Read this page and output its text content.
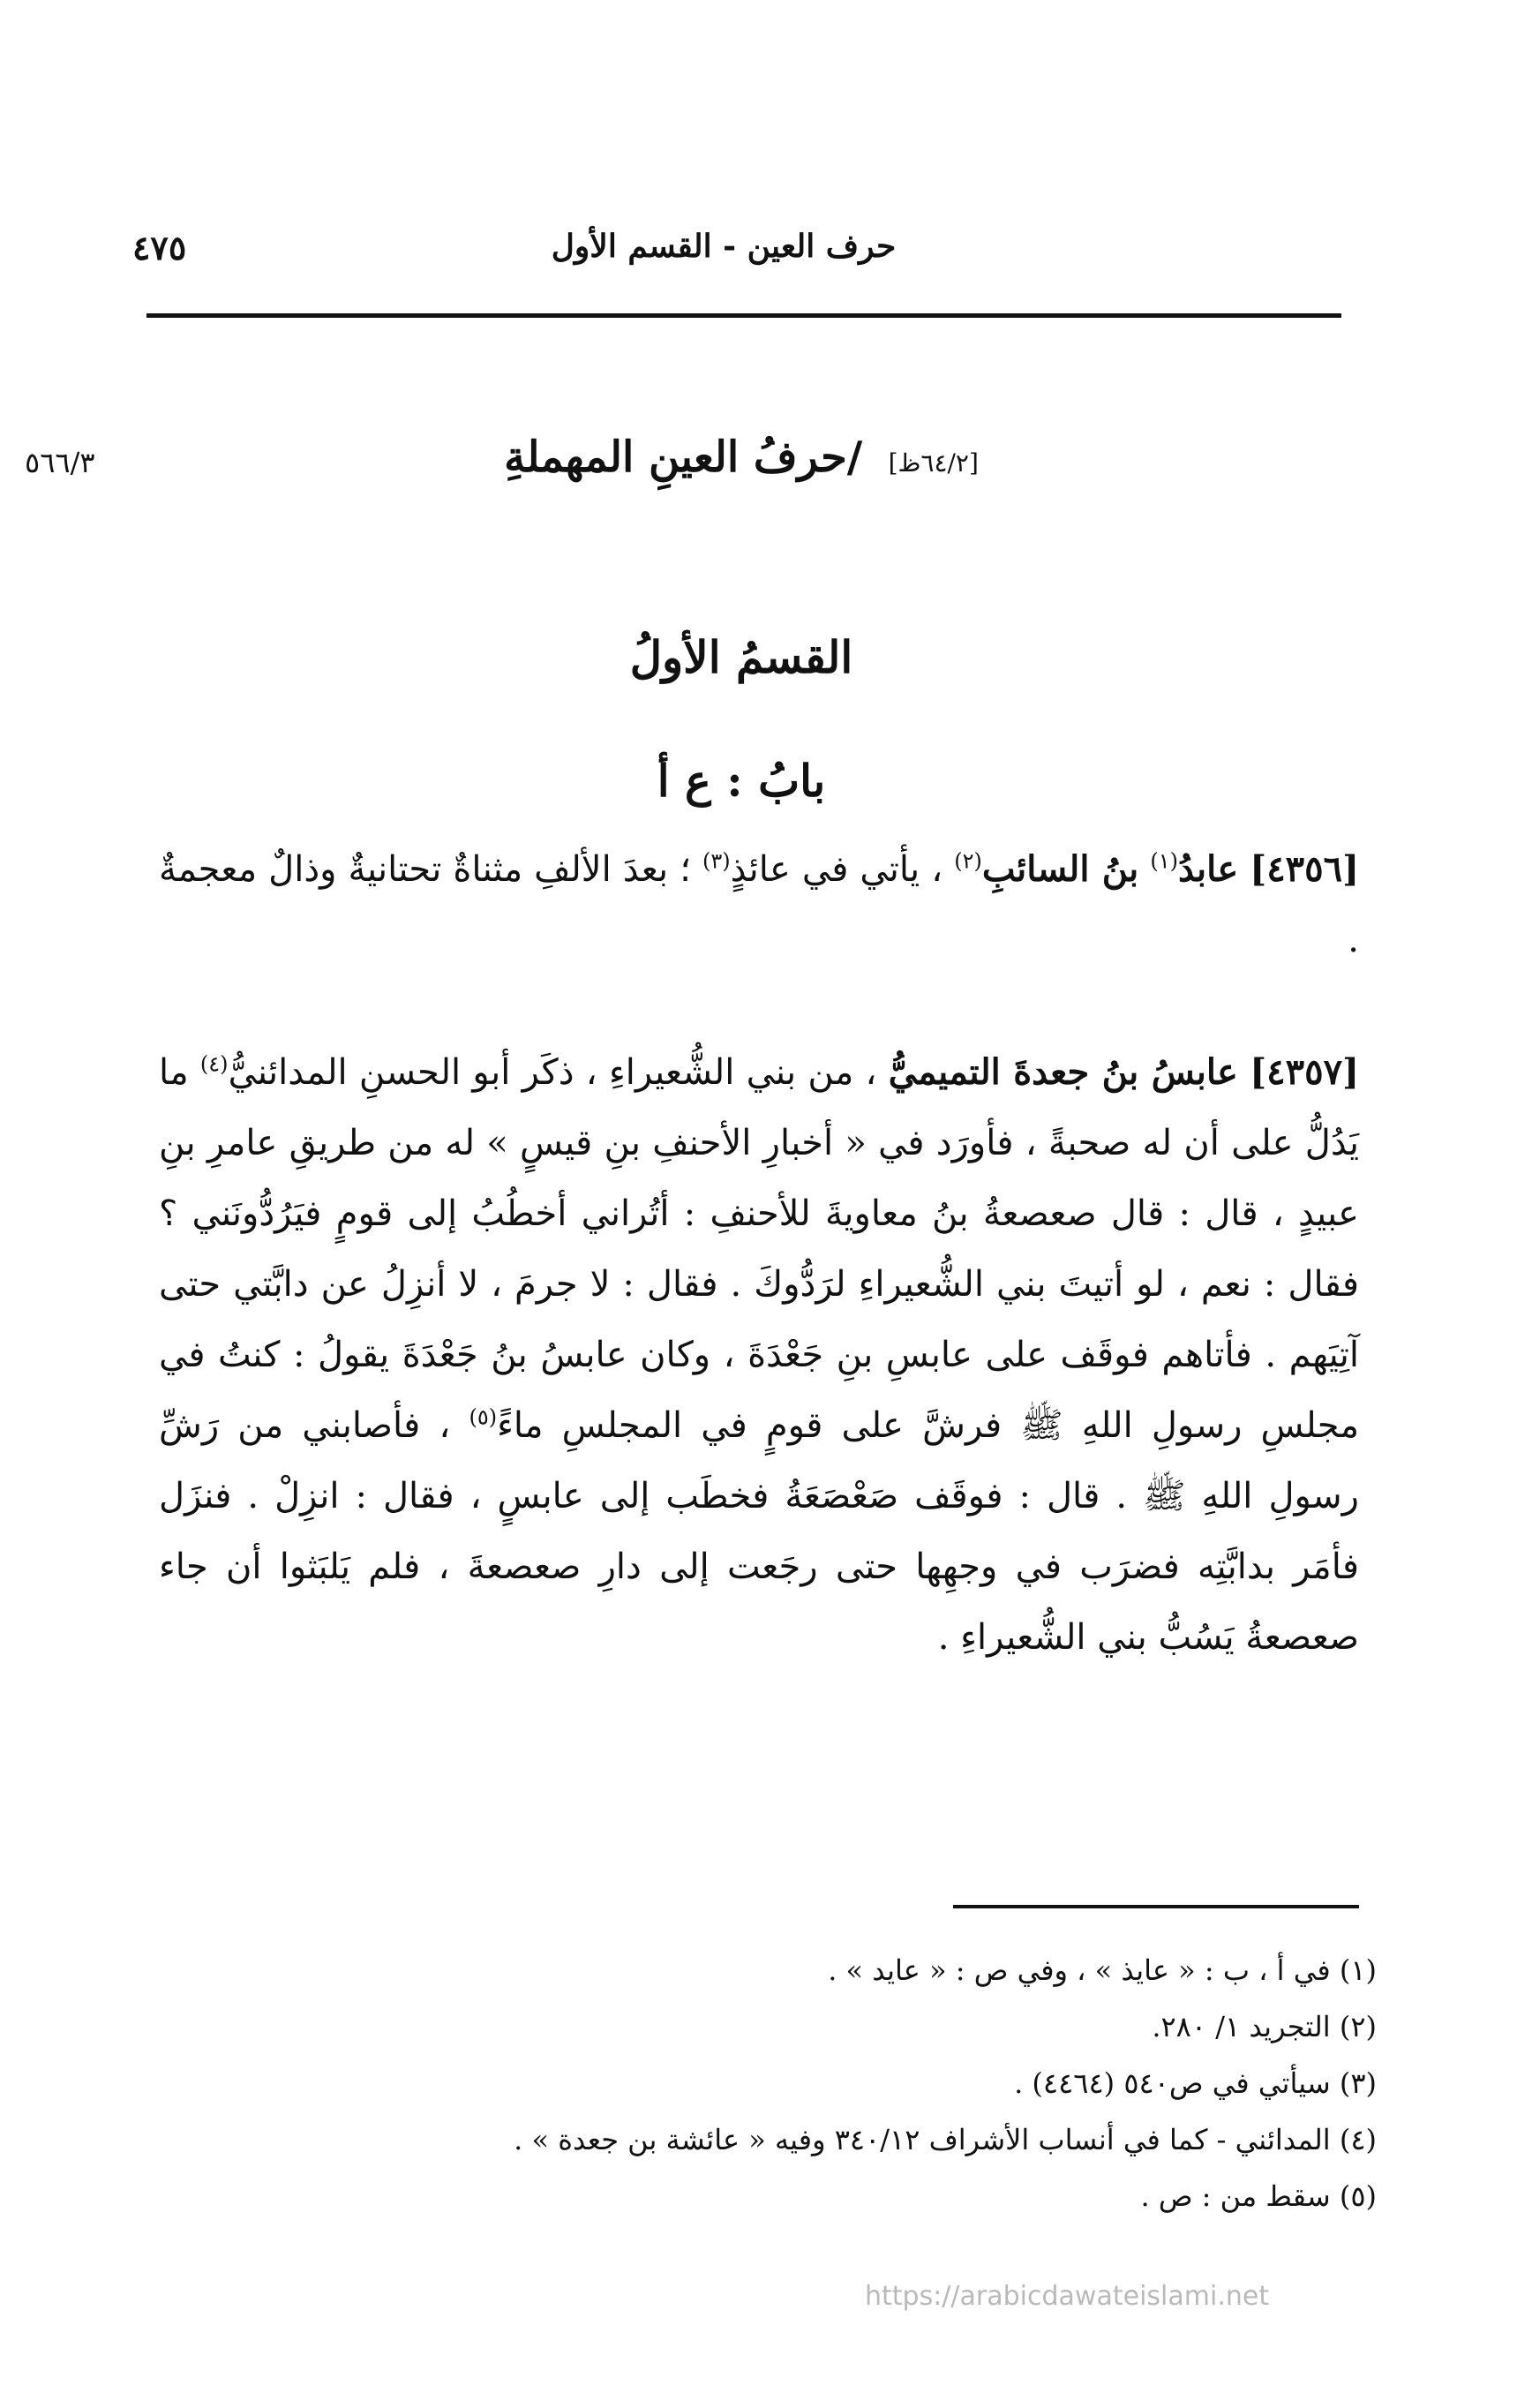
حرف العين - القسم الأول
٤٧٥
٥٦٦/٣	[٦٤/٢ظ] /حرفُ العينِ المهملةِ
القسمُ الأولُ
بابُ : ع أ
[٤٣٥٦] عابدُ$^{(١)}$ بنُ السائبِ$^{(٢)}$ ، يأتي في عائذٍ$^{(٣)}$ ؛ بعدَ الألفِ مثناةٌ تحتانيةٌ وذالٌ معجمةٌ .
[٤٣٥٧] عابسُ بنُ جعدةَ التميميُّ ، من بني الشُّعيراءِ ، ذكَر أبو الحسنِ المدائنيُّ$^{(٤)}$ ما يَدُلُّ على أن له صحبةً ، فأورَد في « أخبارِ الأحنفِ بنِ قيسٍ » له من طريقِ عامرِ بنِ عبيدٍ ، قال : قال صعصعةُ بنُ معاويةَ للأحنفِ : أتُراني أخطُبُ إلى قومٍ فيَرُدُّونَني ؟ فقال : نعم ، لو أتيتَ بني الشُّعيراءِ لرَدُّوكَ . فقال : لا جرمَ ، لا أنزِلُ عن دابَّتي حتى آتِيَهم . فأتاهم فوقَف على عابسِ بنِ جَعْدَةَ ، وكان عابسُ بنُ جَعْدَةَ يقولُ : كنتُ في مجلسِ رسولِ اللهِ ﷺ فرشَّ على قومٍ في المجلسِ ماءً$^{(٥)}$ ، فأصابني من رَشِّ رسولِ اللهِ ﷺ . قال : فوقَف صَعْصَعَةُ فخطَب إلى عابسٍ ، فقال : انزِلْ . فنزَل فأمَر بدابَّتِه فضرَب في وجهِها حتى رجَعت إلى دارِ صعصعةَ ، فلم يَلبَثوا أن جاء صعصعةُ يَسُبُّ بني الشُّعيراءِ .

(١) في أ ، ب : « عايذ » ، وفي ص : « عايد » .

(٢) التجريد ١/ ٢٨٠.

(٣) سيأتي في ص٥٤٠ (٤٤٦٤) .

(٤) المدائني - كما في أنساب الأشراف ٣٤٠/١٢ وفيه « عائشة بن جعدة » .

(٥) سقط من : ص .

https://arabicdawateislami.net
